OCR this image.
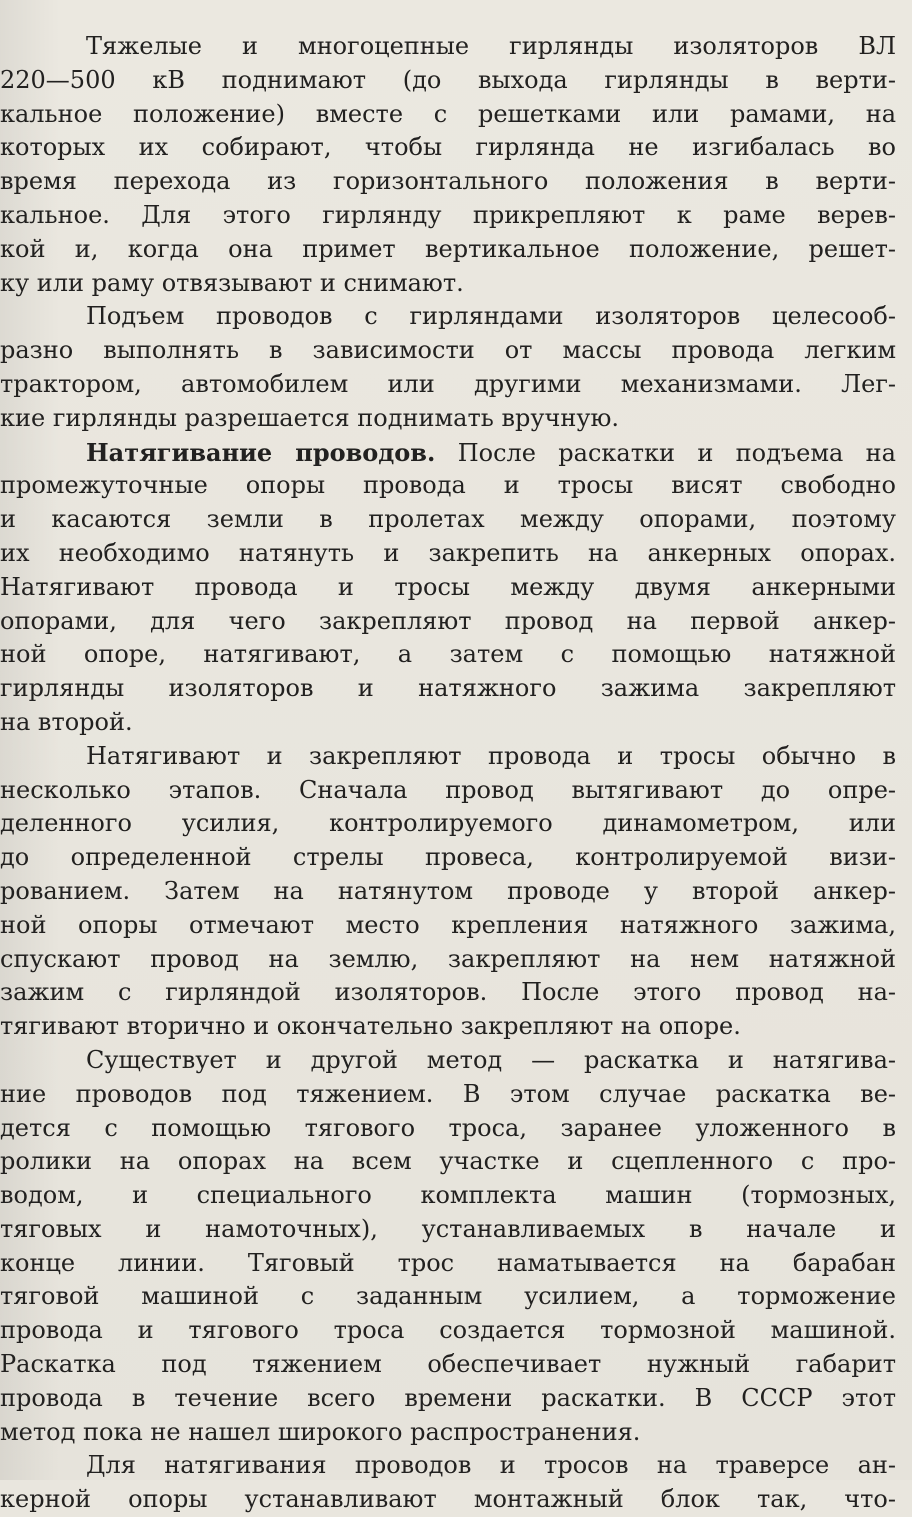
Тяжелые и многоцепные гирлянды изоляторов ВЛ
220—500 кВ поднимают (до выхода гирлянды в верти-
кальное положение) вместе с решетками или рамами, на
которых их собирают, чтобы гирлянда не изгибалась во
время перехода из горизонтального положения в верти-
кальное. Для этого гирлянду прикрепляют к раме верев-
кой и, когда она примет вертикальное положение, решет-
ку или раму отвязывают и снимают.
Подъем проводов с гирляндами изоляторов целесооб-
разно выполнять в зависимости от массы провода легким
трактором, автомобилем или другими механизмами. Лег-
кие гирлянды разрешается поднимать вручную.
Натягивание проводов. После раскатки и подъема на
промежуточные опоры провода и тросы висят свободно
и касаются земли в пролетах между опорами, поэтому
их необходимо натянуть и закрепить на анкерных опорах.
Натягивают провода и тросы между двумя анкерными
опорами, для чего закрепляют провод на первой анкер-
ной опоре, натягивают, а затем с помощью натяжной
гирлянды изоляторов и натяжного зажима закрепляют
на второй.
Натягивают и закрепляют провода и тросы обычно в
несколько этапов. Сначала провод вытягивают до опре-
деленного усилия, контролируемого динамометром, или
до определенной стрелы провеса, контролируемой визи-
рованием. Затем на натянутом проводе у второй анкер-
ной опоры отмечают место крепления натяжного зажима,
спускают провод на землю, закрепляют на нем натяжной
зажим с гирляндой изоляторов. После этого провод на-
тягивают вторично и окончательно закрепляют на опоре.
Существует и другой метод — раскатка и натягива-
ние проводов под тяжением. В этом случае раскатка ве-
дется с помощью тягового троса, заранее уложенного в
ролики на опорах на всем участке и сцепленного с про-
водом, и специального комплекта машин (тормозных,
тяговых и намоточных), устанавливаемых в начале и
конце линии. Тяговый трос наматывается на барабан
тяговой машиной с заданным усилием, а торможение
провода и тягового троса создается тормозной машиной.
Раскатка под тяжением обеспечивает нужный габарит
провода в течение всего времени раскатки. В СССР этот
метод пока не нашел широкого распространения.
Для натягивания проводов и тросов на траверсе ан-
керной опоры устанавливают монтажный блок так, что-
